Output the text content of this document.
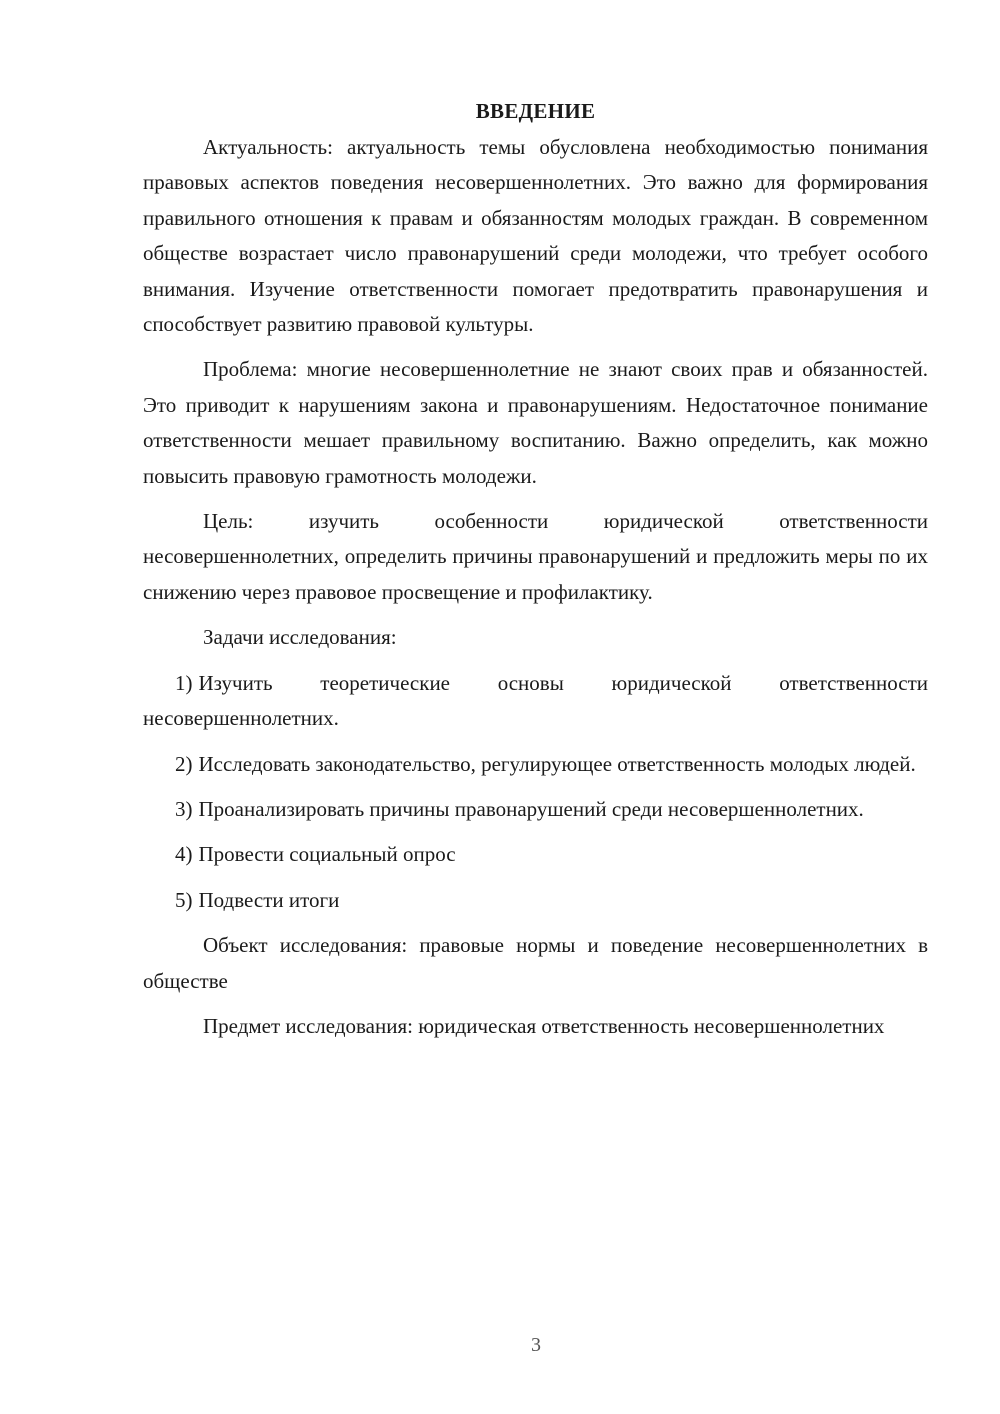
ВВЕДЕНИЕ

Актуальность: актуальность темы обусловлена необходимостью понимания правовых аспектов поведения несовершеннолетних. Это важно для формирования правильного отношения к правам и обязанностям молодых граждан. В современном обществе возрастает число правонарушений среди молодежи, что требует особого внимания. Изучение ответственности помогает предотвратить правонарушения и способствует развитию правовой культуры.

Проблема: многие несовершеннолетние не знают своих прав и обязанностей. Это приводит к нарушениям закона и правонарушениям. Недостаточное понимание ответственности мешает правильному воспитанию. Важно определить, как можно повысить правовую грамотность молодежи.

Цель: изучить особенности юридической ответственности несовершеннолетних, определить причины правонарушений и предложить меры по их снижению через правовое просвещение и профилактику.

Задачи исследования:

1) Изучить теоретические основы юридической ответственности несовершеннолетних.

2) Исследовать законодательство, регулирующее ответственность молодых людей.

3) Проанализировать причины правонарушений среди несовершеннолетних.

4) Провести социальный опрос

5) Подвести итоги

Объект исследования: правовые нормы и поведение несовершеннолетних в обществе

Предмет исследования: юридическая ответственность несовершеннолетних

3
